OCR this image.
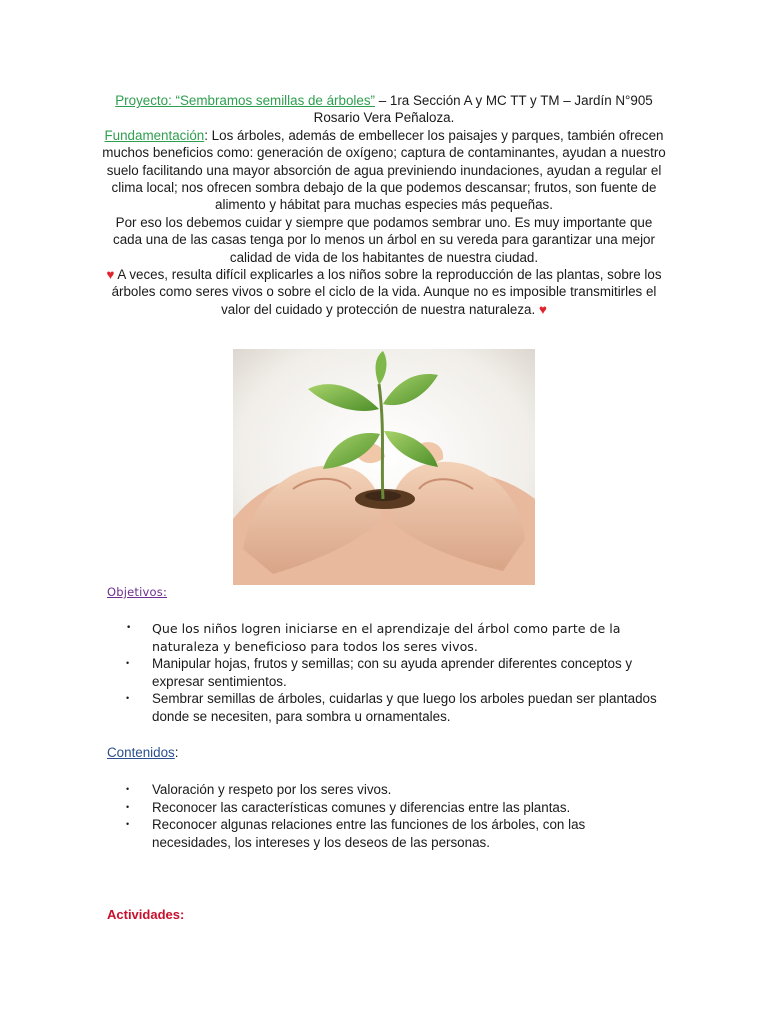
Proyecto: “Sembramos semillas de árboles” – 1ra Sección A y MC TT y TM – Jardín N°905 Rosario Vera Peñaloza.

Fundamentación: Los árboles, además de embellecer los paisajes y parques, también ofrecen muchos beneficios como: generación de oxígeno; captura de contaminantes, ayudan a nuestro suelo facilitando una mayor absorción de agua previniendo inundaciones, ayudan a regular el clima local; nos ofrecen sombra debajo de la que podemos descansar; frutos, son fuente de alimento y hábitat para muchas especies más pequeñas.

Por eso los debemos cuidar y siempre que podamos sembrar uno. Es muy importante que cada una de las casas tenga por lo menos un árbol en su vereda para garantizar una mejor calidad de vida de los habitantes de nuestra ciudad.

♥ A veces, resulta difícil explicarles a los niños sobre la reproducción de las plantas, sobre los árboles como seres vivos o sobre el ciclo de la vida. Aunque no es imposible transmitirles el valor del cuidado y protección de nuestra naturaleza. ♥

Objetivos:
• Que los niños logren iniciarse en el aprendizaje del árbol como parte de la naturaleza y beneficioso para todos los seres vivos.
• Manipular hojas, frutos y semillas; con su ayuda aprender diferentes conceptos y expresar sentimientos.
• Sembrar semillas de árboles, cuidarlas y que luego los arboles puedan ser plantados donde se necesiten, para sombra u ornamentales.
Contenidos:
• Valoración y respeto por los seres vivos.
• Reconocer las características comunes y diferencias entre las plantas.
• Reconocer algunas relaciones entre las funciones de los árboles, con las necesidades, los intereses y los deseos de las personas.
Actividades:
